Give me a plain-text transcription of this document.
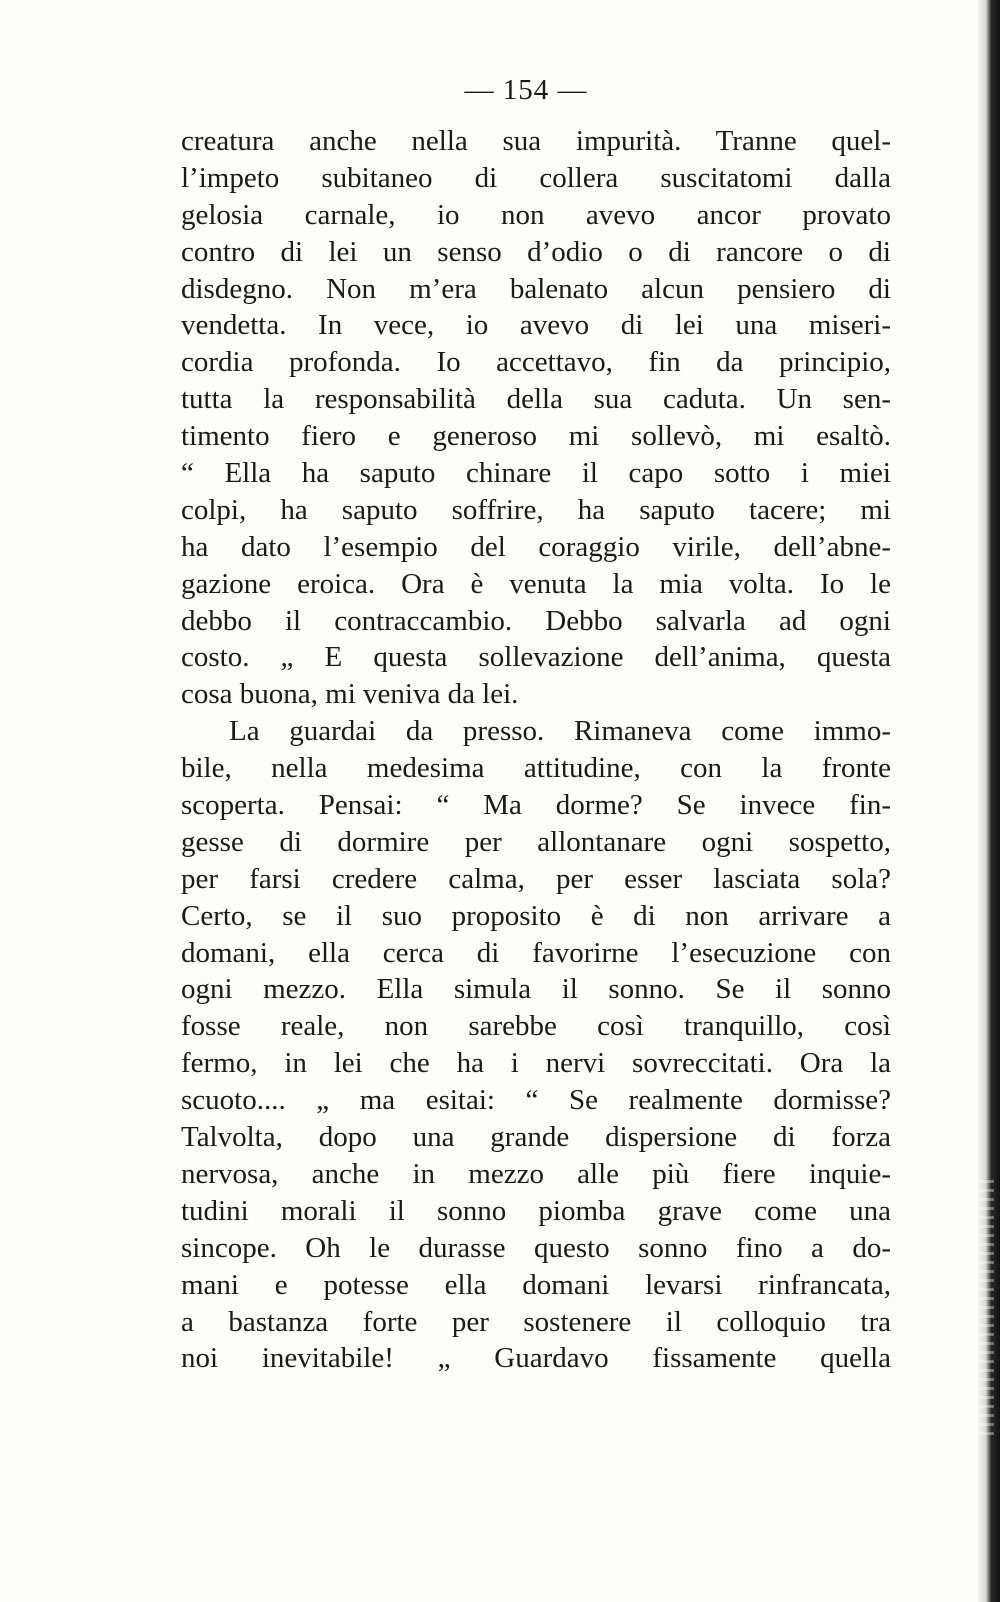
— 154 —
creatura anche nella sua impurità. Tranne quel-
l’impeto subitaneo di collera suscitatomi dalla
gelosia carnale, io non avevo ancor provato
contro di lei un senso d’odio o di rancore o di
disdegno. Non m’era balenato alcun pensiero di
vendetta. In vece, io avevo di lei una miseri-
cordia profonda. Io accettavo, fin da principio,
tutta la responsabilità della sua caduta. Un sen-
timento fiero e generoso mi sollevò, mi esaltò.
“ Ella ha saputo chinare il capo sotto i miei
colpi, ha saputo soffrire, ha saputo tacere; mi
ha dato l’esempio del coraggio virile, dell’abne-
gazione eroica. Ora è venuta la mia volta. Io le
debbo il contraccambio. Debbo salvarla ad ogni
costo. „ E questa sollevazione dell’anima, questa
cosa buona, mi veniva da lei.
La guardai da presso. Rimaneva come immo-
bile, nella medesima attitudine, con la fronte
scoperta. Pensai: “ Ma dorme? Se invece fin-
gesse di dormire per allontanare ogni sospetto,
per farsi credere calma, per esser lasciata sola?
Certo, se il suo proposito è di non arrivare a
domani, ella cerca di favorirne l’esecuzione con
ogni mezzo. Ella simula il sonno. Se il sonno
fosse reale, non sarebbe così tranquillo, così
fermo, in lei che ha i nervi sovreccitati. Ora la
scuoto.... „ ma esitai: “ Se realmente dormisse?
Talvolta, dopo una grande dispersione di forza
nervosa, anche in mezzo alle più fiere inquie-
tudini morali il sonno piomba grave come una
sincope. Oh le durasse questo sonno fino a do-
mani e potesse ella domani levarsi rinfrancata,
a bastanza forte per sostenere il colloquio tra
noi inevitabile! „ Guardavo fissamente quella
